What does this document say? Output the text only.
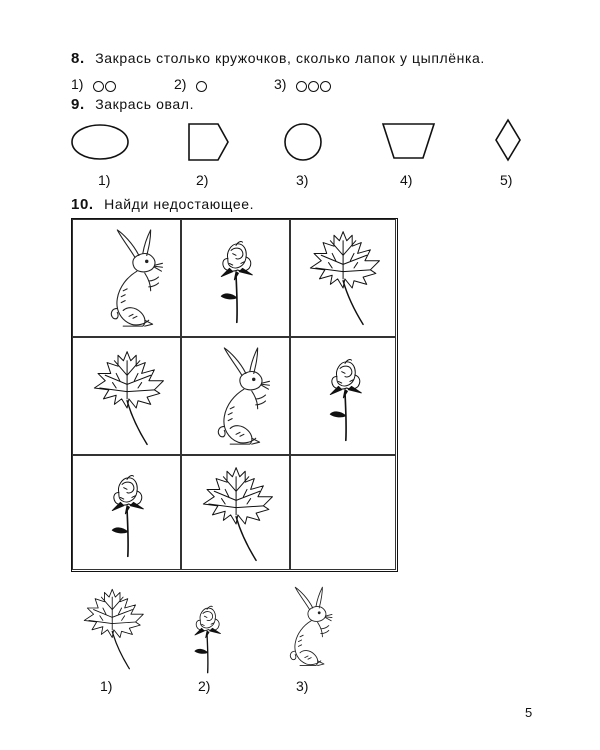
8. Закрась столько кружочков, сколько лапок у цыплёнка.
1)	2)	3)
9. Закрась овал.
1)	2)	3)	4)	5)
10. Найди недостающее.
1)	2)	3)
5
